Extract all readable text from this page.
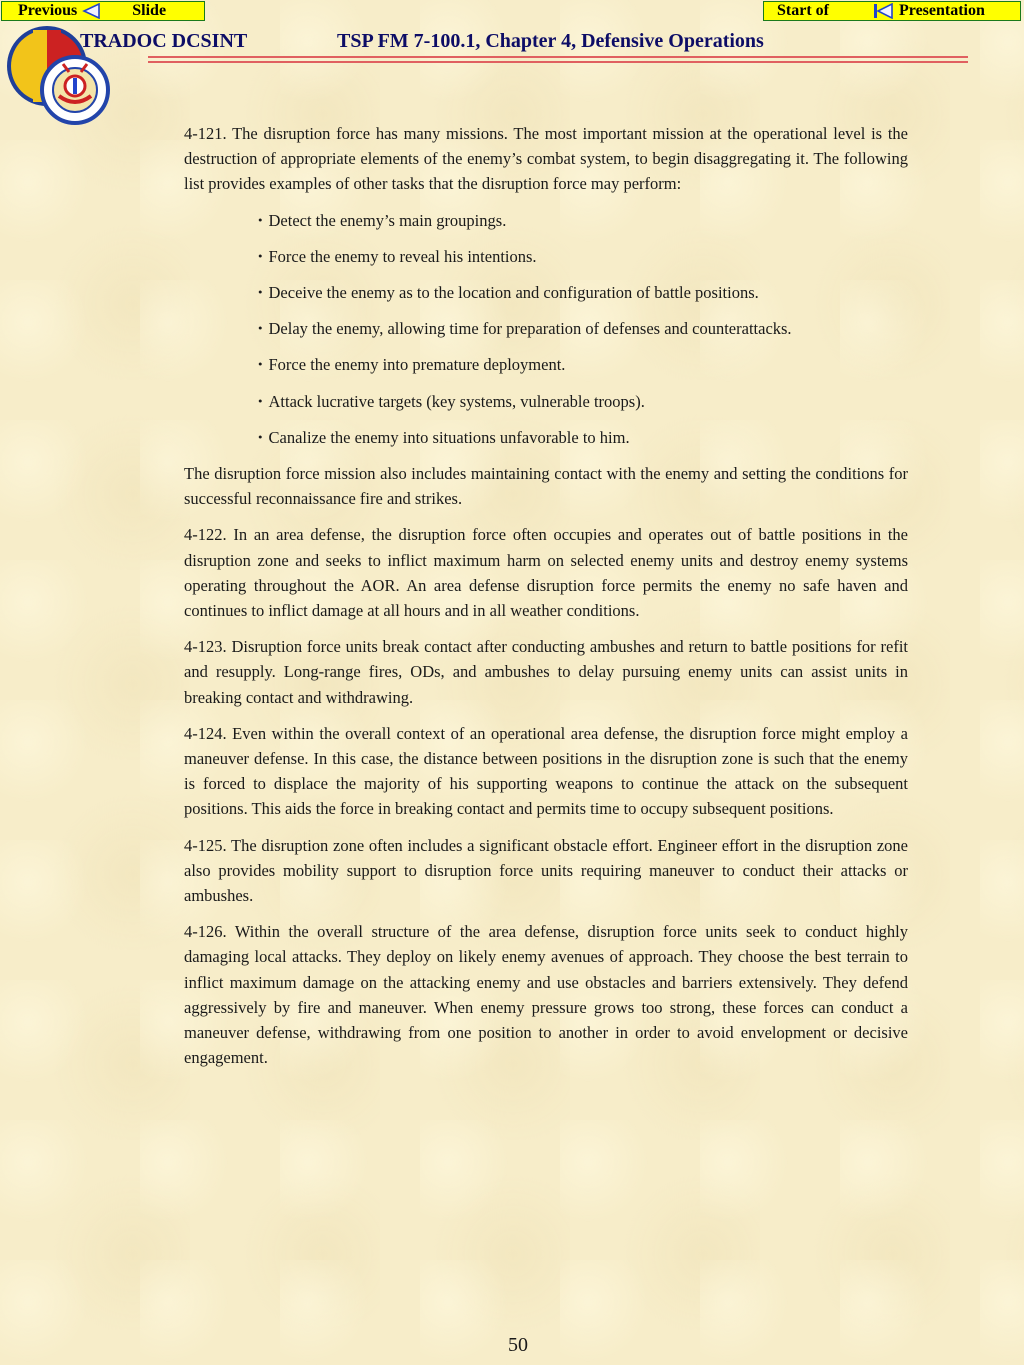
Previous	Slide	Start of	Presentation
TRADOC DCSINT	TSP FM 7-100.1, Chapter 4, Defensive Operations

4-121. The disruption force has many missions. The most important mission at the operational level is the destruction of appropriate elements of the enemy’s combat system, to begin disaggregating it. The following list provides examples of other tasks that the disruption force may perform:

・Detect the enemy’s main groupings.

・Force the enemy to reveal his intentions.

・Deceive the enemy as to the location and configuration of battle positions.

・Delay the enemy, allowing time for preparation of defenses and counterattacks.

・Force the enemy into premature deployment.

・Attack lucrative targets (key systems, vulnerable troops).

・Canalize the enemy into situations unfavorable to him.

The disruption force mission also includes maintaining contact with the enemy and setting the conditions for successful reconnaissance fire and strikes.

4-122. In an area defense, the disruption force often occupies and operates out of battle positions in the disruption zone and seeks to inflict maximum harm on selected enemy units and destroy enemy systems operating throughout the AOR. An area defense disruption force permits the enemy no safe haven and continues to inflict damage at all hours and in all weather conditions.

4-123. Disruption force units break contact after conducting ambushes and return to battle positions for refit and resupply. Long-range fires, ODs, and ambushes to delay pursuing enemy units can assist units in breaking contact and withdrawing.

4-124. Even within the overall context of an operational area defense, the disruption force might employ a maneuver defense. In this case, the distance between positions in the disruption zone is such that the enemy is forced to displace the majority of his supporting weapons to continue the attack on the subsequent positions. This aids the force in breaking contact and permits time to occupy subsequent positions.

4-125. The disruption zone often includes a significant obstacle effort. Engineer effort in the disruption zone also provides mobility support to disruption force units requiring maneuver to conduct their attacks or ambushes.

4-126. Within the overall structure of the area defense, disruption force units seek to conduct highly damaging local attacks. They deploy on likely enemy avenues of approach. They choose the best terrain to inflict maximum damage on the attacking enemy and use obstacles and barriers extensively. They defend aggressively by fire and maneuver. When enemy pressure grows too strong, these forces can conduct a maneuver defense, withdrawing from one position to another in order to avoid envelopment or decisive engagement.

50
